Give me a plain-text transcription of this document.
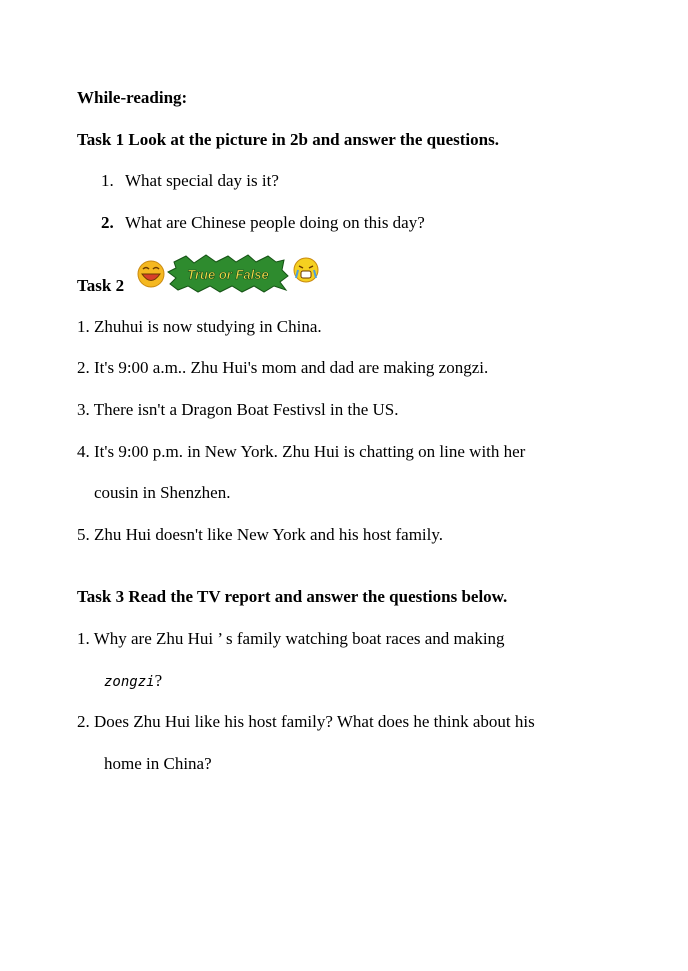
While-reading:
Task 1 Look at the picture in 2b and answer the questions.
1. What special day is it?
2. What are Chinese people doing on this day?
Task 2
True or False
1. Zhuhui is now studying in China.
2. It's 9:00 a.m.. Zhu Hui's mom and dad are making zongzi.
3. There isn't a Dragon Boat Festivsl in the US.
4. It's 9:00 p.m. in New York. Zhu Hui is chatting on line with her
cousin in Shenzhen.
5. Zhu Hui doesn't like New York and his host family.
Task 3 Read the TV report and answer the questions below.
1. Why are Zhu Hui ’ s family watching boat races and making
zongzi?
2. Does Zhu Hui like his host family? What does he think about his
home in China?
